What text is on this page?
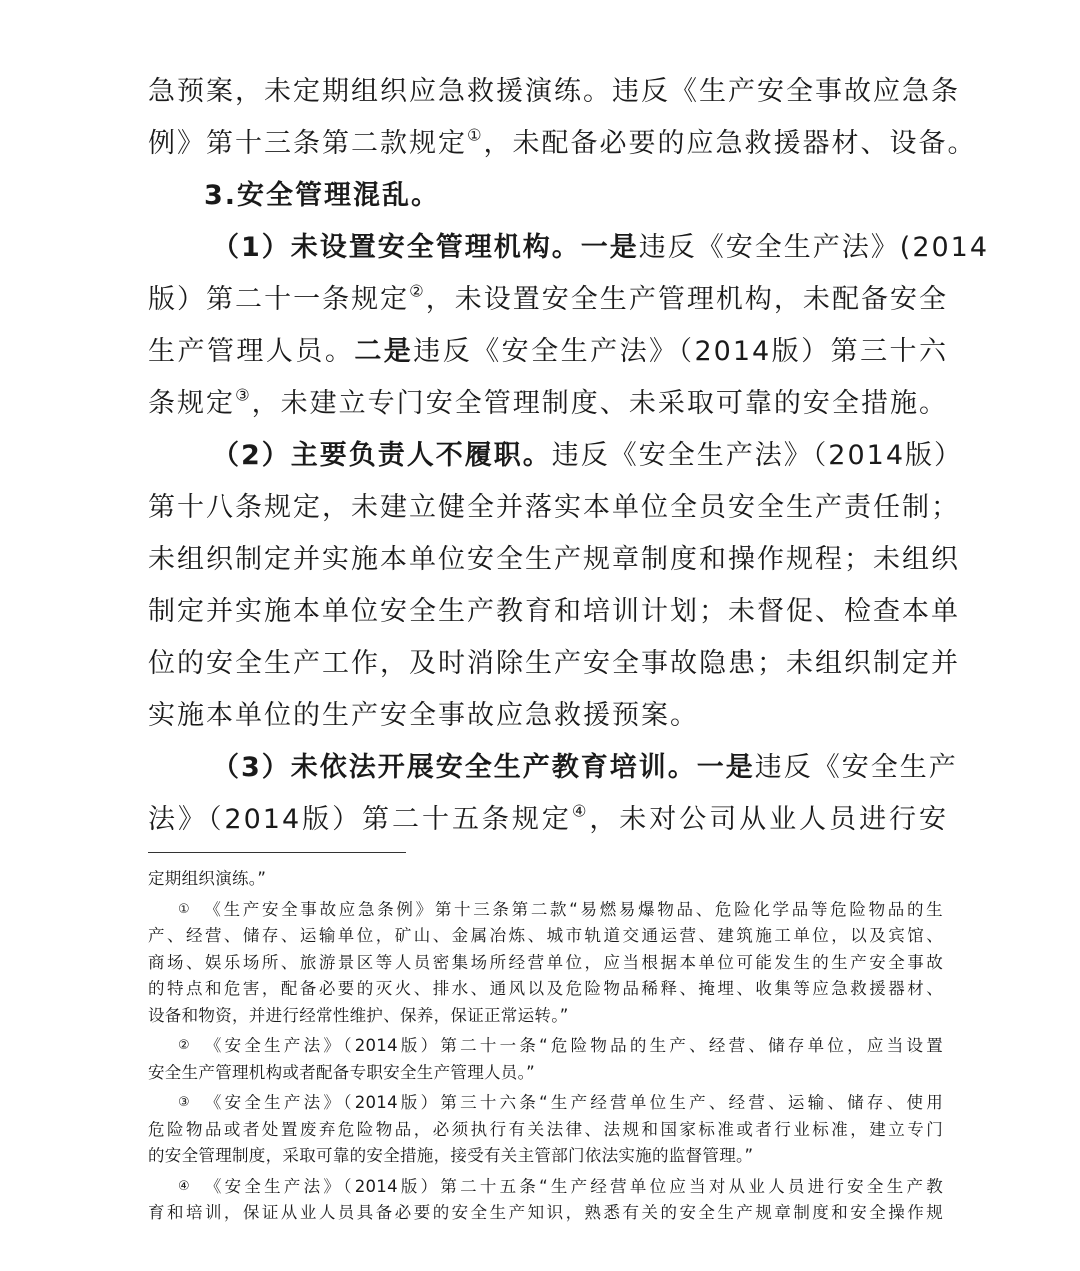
急预案，未定期组织应急救援演练。违反《生产安全事故应急条
例》第十三条第二款规定①，未配备必要的应急救援器材、设备。
3.安全管理混乱。
（1）未设置安全管理机构。一是违反《安全生产法》(2014
版）第二十一条规定②，未设置安全生产管理机构，未配备安全
生产管理人员。二是违反《安全生产法》（2014版）第三十六
条规定③，未建立专门安全管理制度、未采取可靠的安全措施。
（2）主要负责人不履职。违反《安全生产法》（2014版）
第十八条规定，未建立健全并落实本单位全员安全生产责任制；
未组织制定并实施本单位安全生产规章制度和操作规程；未组织
制定并实施本单位安全生产教育和培训计划；未督促、检查本单
位的安全生产工作，及时消除生产安全事故隐患；未组织制定并
实施本单位的生产安全事故应急救援预案。
（3）未依法开展安全生产教育培训。一是违反《安全生产
法》（2014版）第二十五条规定④，未对公司从业人员进行安
定期组织演练。”
① 《生产安全事故应急条例》第十三条第二款“易燃易爆物品、危险化学品等危险物品的生
产、经营、储存、运输单位，矿山、金属冶炼、城市轨道交通运营、建筑施工单位，以及宾馆、
商场、娱乐场所、旅游景区等人员密集场所经营单位，应当根据本单位可能发生的生产安全事故
的特点和危害，配备必要的灭火、排水、通风以及危险物品稀释、掩埋、收集等应急救援器材、
设备和物资，并进行经常性维护、保养，保证正常运转。”
② 《安全生产法》（2014版）第二十一条“危险物品的生产、经营、储存单位，应当设置
安全生产管理机构或者配备专职安全生产管理人员。”
③ 《安全生产法》（2014版）第三十六条“生产经营单位生产、经营、运输、储存、使用
危险物品或者处置废弃危险物品，必须执行有关法律、法规和国家标准或者行业标准，建立专门
的安全管理制度，采取可靠的安全措施，接受有关主管部门依法实施的监督管理。”
④ 《安全生产法》（2014版）第二十五条“生产经营单位应当对从业人员进行安全生产教
育和培训，保证从业人员具备必要的安全生产知识，熟悉有关的安全生产规章制度和安全操作规
